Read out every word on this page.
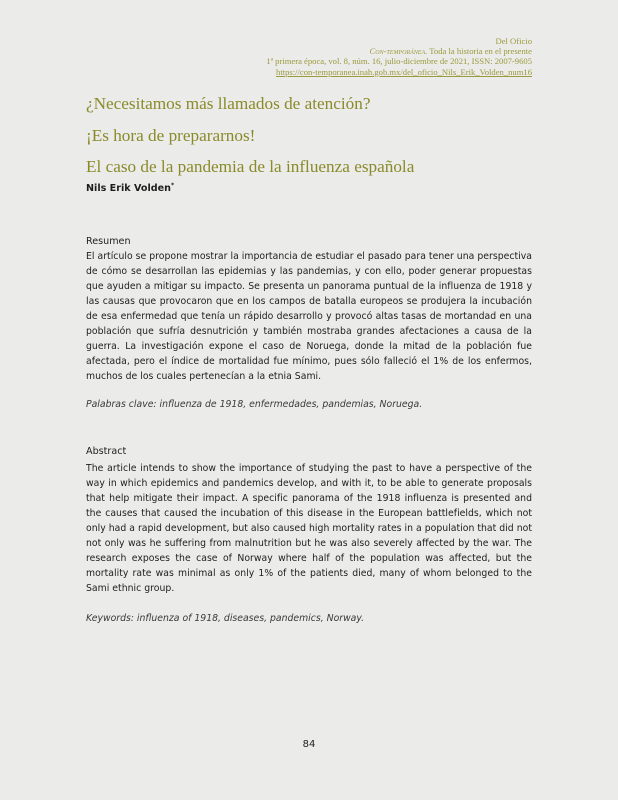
Del Oficio
Con-temporánea. Toda la historia en el presente
1ª primera época, vol. 8, núm. 16, julio-diciembre de 2021, ISSN: 2007-9605
https://con-temporanea.inah.gob.mx/del_oficio_Nils_Erik_Volden_num16
¿Necesitamos más llamados de atención?
¡Es hora de prepararnos!
El caso de la pandemia de la influenza española
Nils Erik Volden*
Resumen
El artículo se propone mostrar la importancia de estudiar el pasado para tener una perspectiva de cómo se desarrollan las epidemias y las pandemias, y con ello, poder generar propuestas que ayuden a mitigar su impacto. Se presenta un panorama puntual de la influenza de 1918 y las causas que provocaron que en los campos de batalla europeos se produjera la incubación de esa enfermedad que tenía un rápido desarrollo y provocó altas tasas de mortandad en una población que sufría desnutrición y también mostraba grandes afectaciones a causa de la guerra. La investigación expone el caso de Noruega, donde la mitad de la población fue afectada, pero el índice de mortalidad fue mínimo, pues sólo falleció el 1% de los enfermos, muchos de los cuales pertenecían a la etnia Sami.
Palabras clave: influenza de 1918, enfermedades, pandemias, Noruega.
Abstract
The article intends to show the importance of studying the past to have a perspective of the way in which epidemics and pandemics develop, and with it, to be able to generate proposals that help mitigate their impact. A specific panorama of the 1918 influenza is presented and the causes that caused the incubation of this disease in the European battlefields, which not only had a rapid development, but also caused high mortality rates in a population that did not not only was he suffering from malnutrition but he was also severely affected by the war. The research exposes the case of Norway where half of the population was affected, but the mortality rate was minimal as only 1% of the patients died, many of whom belonged to the Sami ethnic group.
Keywords: influenza of 1918, diseases, pandemics, Norway.
84
